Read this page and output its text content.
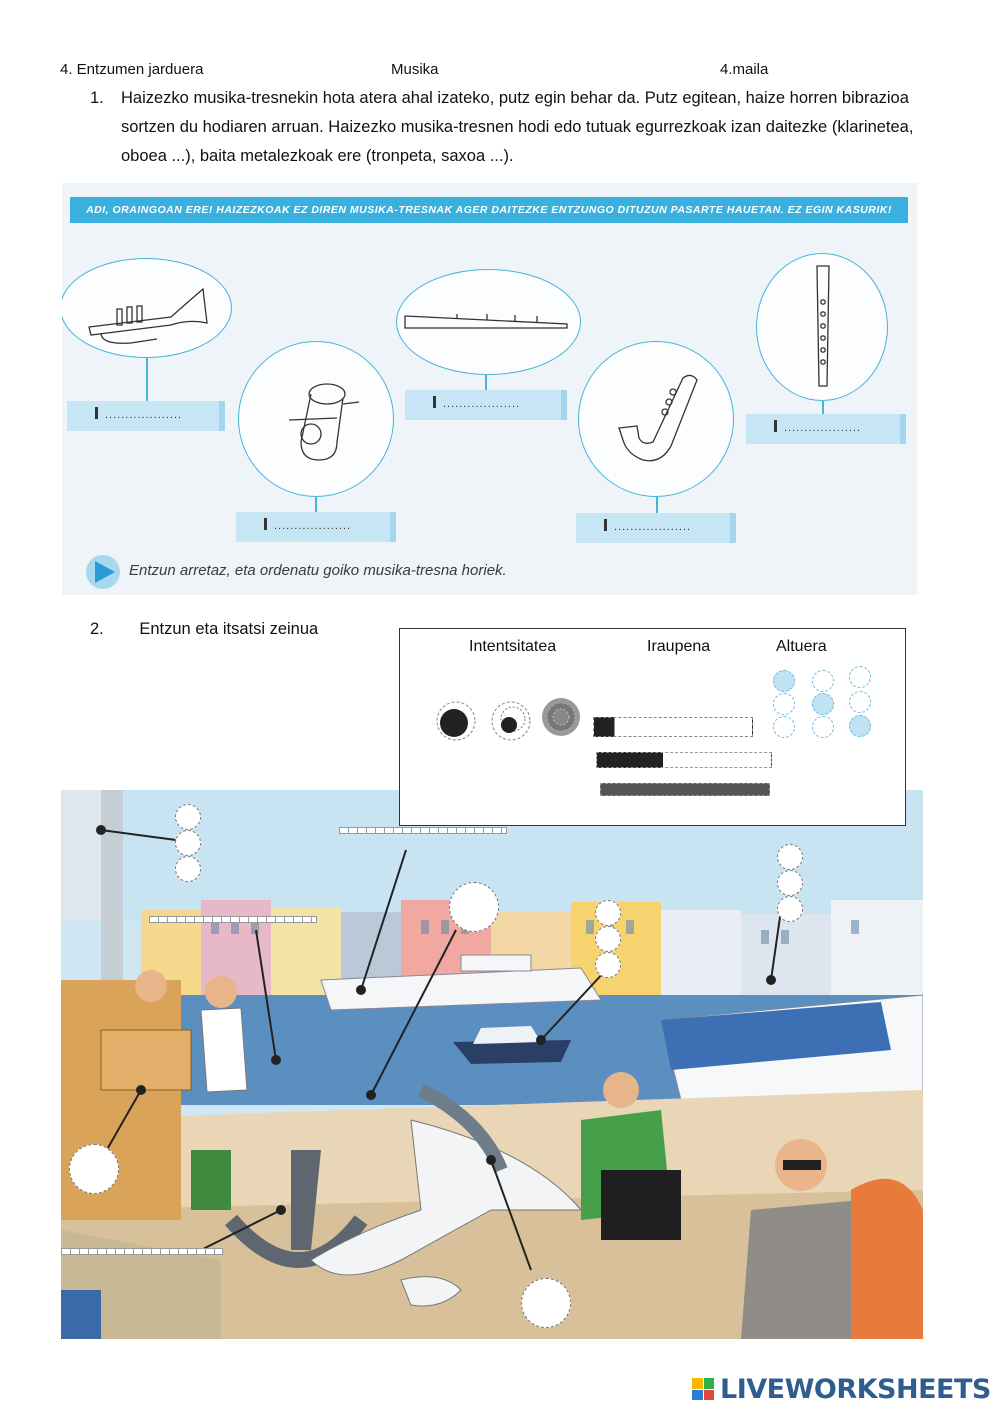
4. Entzumen jarduera	Musika	4.maila
1. Haizezko musika-tresnekin hota atera ahal izateko, putz egin behar da. Putz egitean, haize horren bibrazioa sortzen du hodiaren arruan. Haizezko musika-tresnen hodi edo tutuak egurrezkoak izan daitezke (klarinetea, oboea ...), baita metalezkoak ere (tronpeta, saxoa ...).
ADI, ORAINGOAN ERE! HAIZEZKOAK EZ DIREN MUSIKA-TRESNAK AGER DAITEZKE ENTZUNGO DITUZUN PASARTE HAUETAN. EZ EGIN KASURIK!
...................
...................
...................
...................
...................
Entzun arretaz, eta ordenatu goiko musika-tresna horiek.
2. Entzun eta itsatsi zeinua
Intentsitatea	Iraupena	Altuera
LIVEWORKSHEETS
